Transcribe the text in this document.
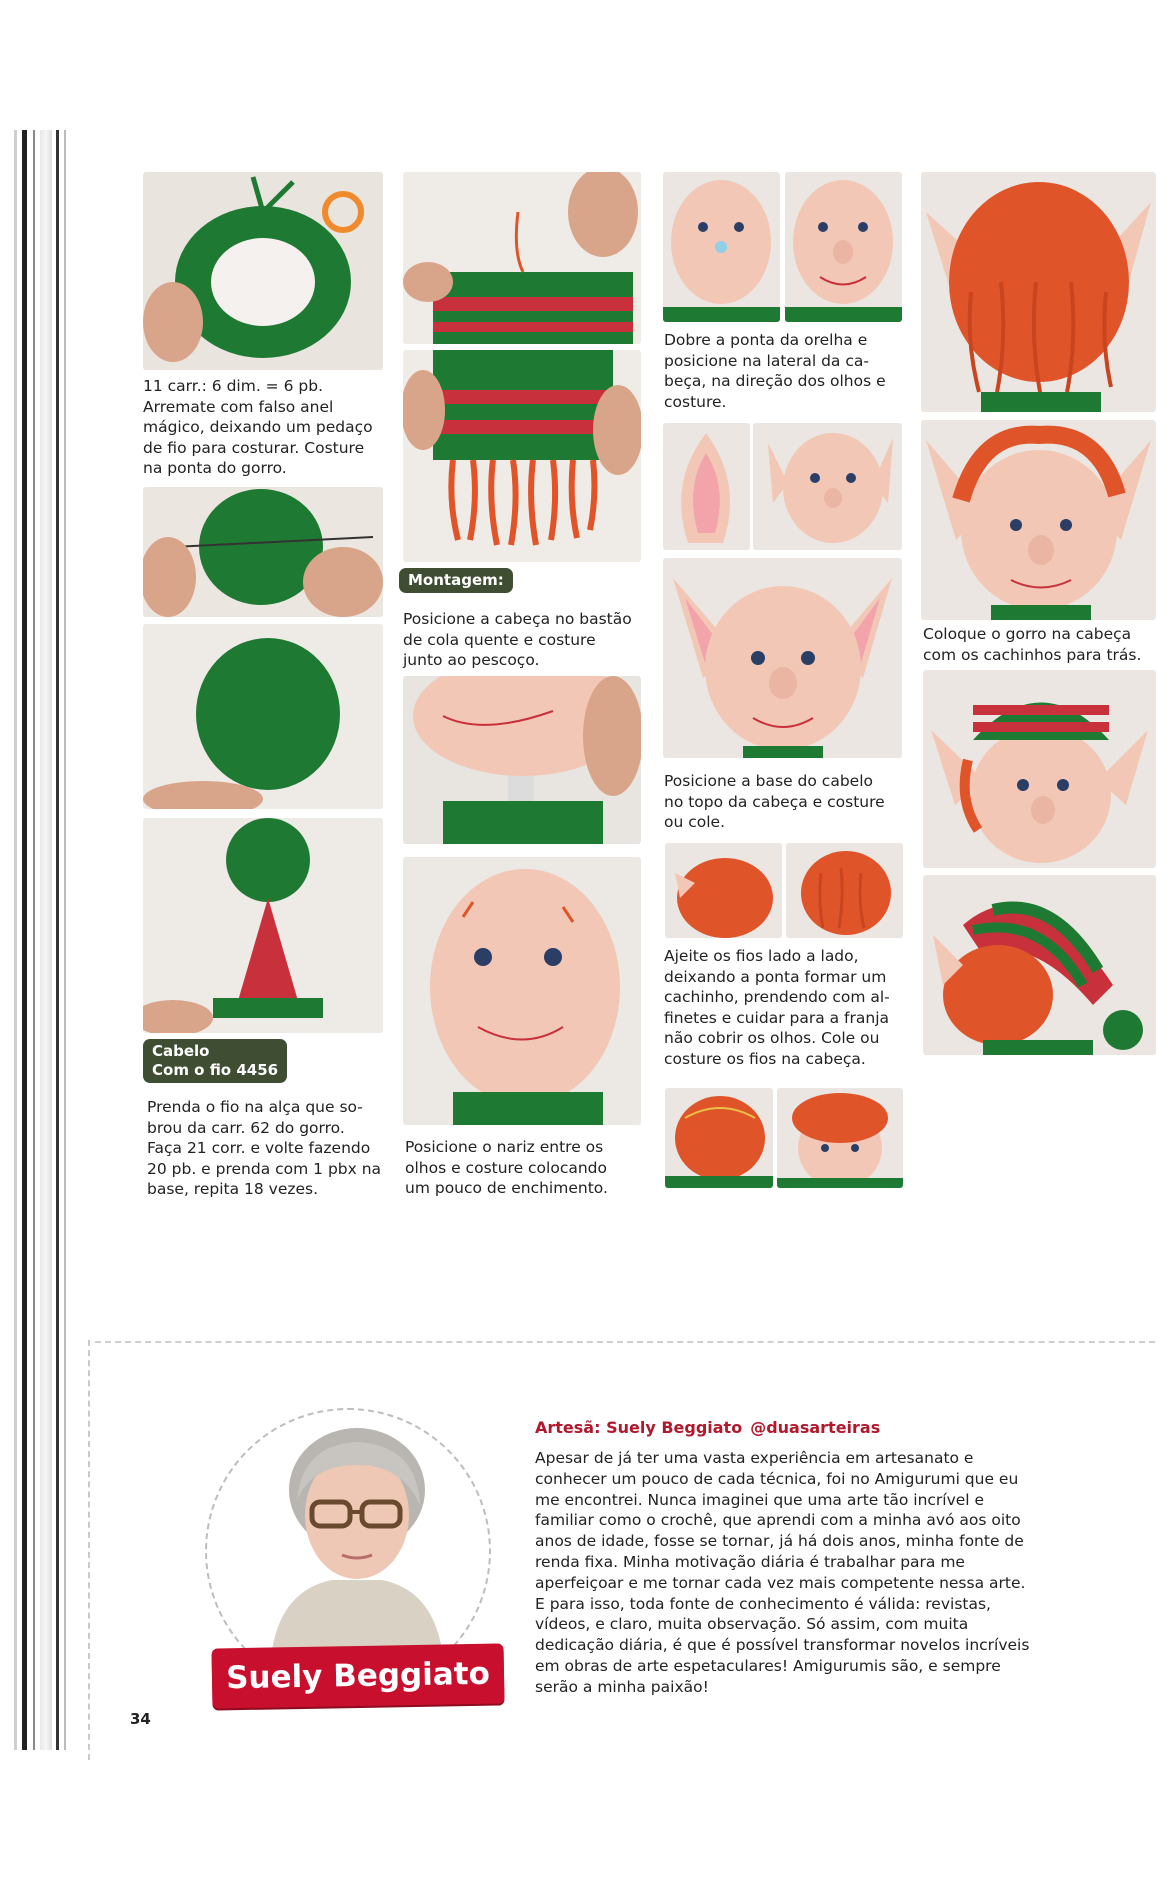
11 carr.: 6 dim. = 6 pb.
Arremate com falso anel
mágico, deixando um pedaço
de fio para costurar. Costure
na ponta do gorro.
Cabelo
Com o fio 4456
Prenda o fio na alça que so-
brou da carr. 62 do gorro.
Faça 21 corr. e volte fazendo
20 pb. e prenda com 1 pbx na
base, repita 18 vezes.
Montagem:
Posicione a cabeça no bastão
de cola quente e costure
junto ao pescoço.
Posicione o nariz entre os
olhos e costure colocando
um pouco de enchimento.
Dobre a ponta da orelha e
posicione na lateral da ca-
beça, na direção dos olhos e
costure.
Posicione a base do cabelo
no topo da cabeça e costure
ou cole.
Ajeite os fios lado a lado,
deixando a ponta formar um
cachinho, prendendo com al-
finetes e cuidar para a franja
não cobrir os olhos. Cole ou
costure os fios na cabeça.
Coloque o gorro na cabeça
com os cachinhos para trás.
Suely Beggiato
Artesã: Suely Beggiato @duasarteiras
Apesar de já ter uma vasta experiência em artesanato e conhecer um pouco de cada técnica, foi no Amigurumi que eu me encontrei. Nunca imaginei que uma arte tão incrível e familiar como o crochê, que aprendi com a minha avó aos oito anos de idade, fosse se tornar, já há dois anos, minha fonte de renda fixa. Minha motivação diária é trabalhar para me aperfeiçoar e me tornar cada vez mais competente nessa arte. E para isso, toda fonte de conhecimento é válida: revistas, vídeos, e claro, muita observação. Só assim, com muita dedicação diária, é que é possível transformar novelos incríveis em obras de arte espetaculares! Amigurumis são, e sempre serão a minha paixão!
34
